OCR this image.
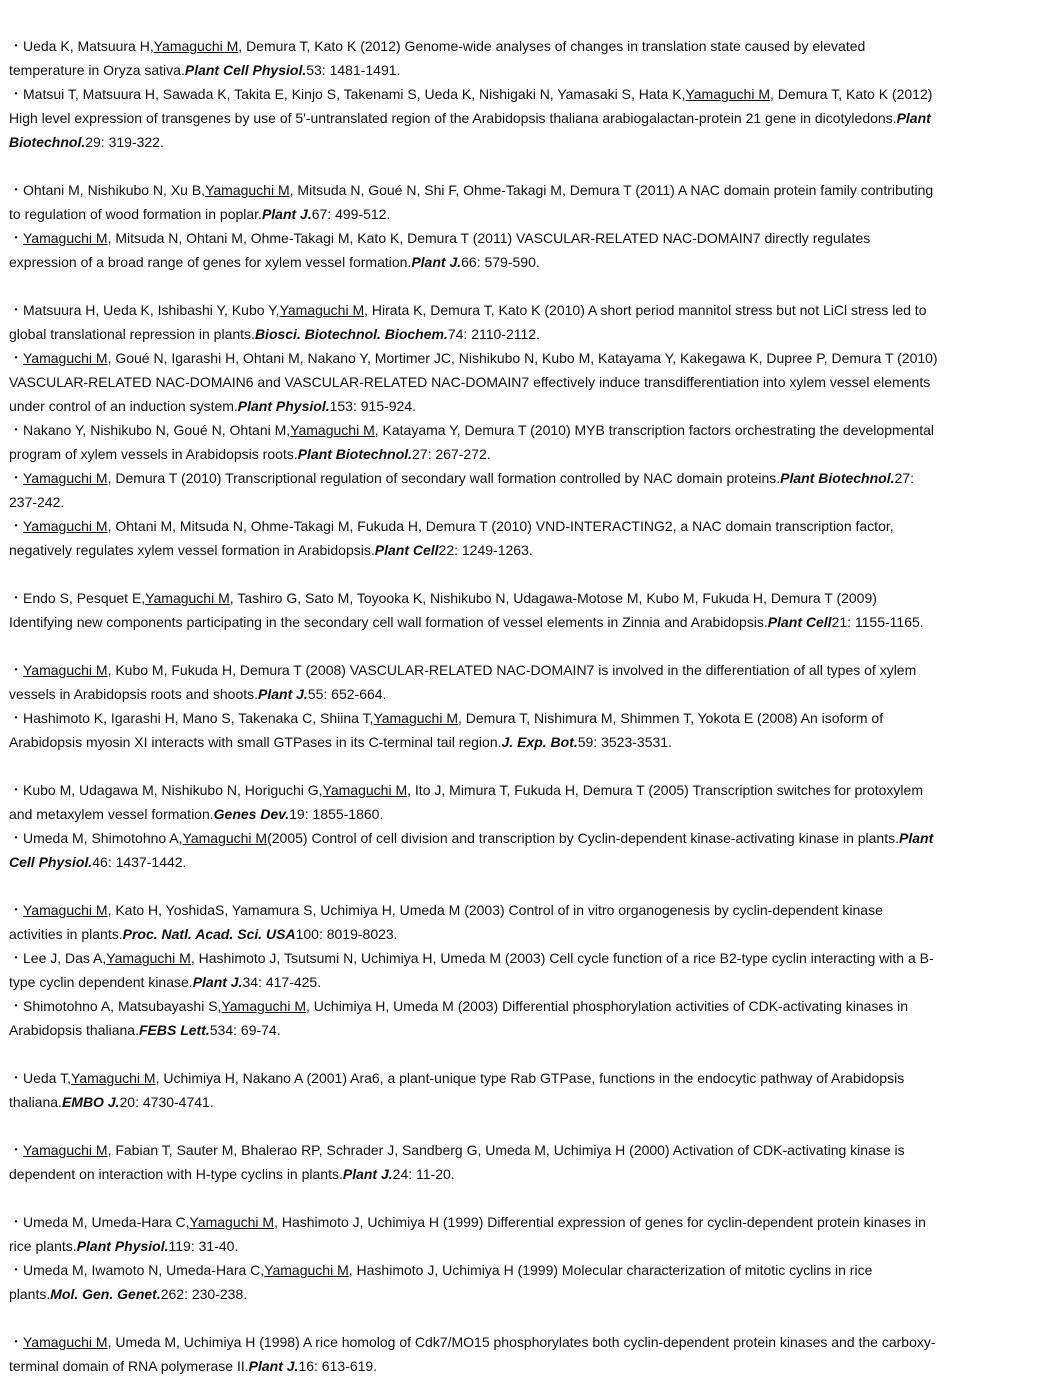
・Ueda K, Matsuura H,Yamaguchi M, Demura T, Kato K (2012) Genome-wide analyses of changes in translation state caused by elevated temperature in Oryza sativa.Plant Cell Physiol.53: 1481-1491.

・Matsui T, Matsuura H, Sawada K, Takita E, Kinjo S, Takenami S, Ueda K, Nishigaki N, Yamasaki S, Hata K,Yamaguchi M, Demura T, Kato K (2012) High level expression of transgenes by use of 5'-untranslated region of the Arabidopsis thaliana arabiogalactan-protein 21 gene in dicotyledons.Plant Biotechnol.29: 319-322.

・Ohtani M, Nishikubo N, Xu B,Yamaguchi M, Mitsuda N, Goué N, Shi F, Ohme-Takagi M, Demura T (2011) A NAC domain protein family contributing to regulation of wood formation in poplar.Plant J.67: 499-512.

・Yamaguchi M, Mitsuda N, Ohtani M, Ohme-Takagi M, Kato K, Demura T (2011) VASCULAR-RELATED NAC-DOMAIN7 directly regulates expression of a broad range of genes for xylem vessel formation.Plant J.66: 579-590.

・Matsuura H, Ueda K, Ishibashi Y, Kubo Y,Yamaguchi M, Hirata K, Demura T, Kato K (2010) A short period mannitol stress but not LiCl stress led to global translational repression in plants.Biosci. Biotechnol. Biochem.74: 2110-2112.

・Yamaguchi M, Goué N, Igarashi H, Ohtani M, Nakano Y, Mortimer JC, Nishikubo N, Kubo M, Katayama Y, Kakegawa K, Dupree P, Demura T (2010) VASCULAR-RELATED NAC-DOMAIN6 and VASCULAR-RELATED NAC-DOMAIN7 effectively induce transdifferentiation into xylem vessel elements under control of an induction system.Plant Physiol.153: 915-924.

・Nakano Y, Nishikubo N, Goué N, Ohtani M,Yamaguchi M, Katayama Y, Demura T (2010) MYB transcription factors orchestrating the developmental program of xylem vessels in Arabidopsis roots.Plant Biotechnol.27: 267-272.

・Yamaguchi M, Demura T (2010) Transcriptional regulation of secondary wall formation controlled by NAC domain proteins.Plant Biotechnol.27: 237-242.

・Yamaguchi M, Ohtani M, Mitsuda N, Ohme-Takagi M, Fukuda H, Demura T (2010) VND-INTERACTING2, a NAC domain transcription factor, negatively regulates xylem vessel formation in Arabidopsis.Plant Cell22: 1249-1263.

・Endo S, Pesquet E,Yamaguchi M, Tashiro G, Sato M, Toyooka K, Nishikubo N, Udagawa-Motose M, Kubo M, Fukuda H, Demura T (2009) Identifying new components participating in the secondary cell wall formation of vessel elements in Zinnia and Arabidopsis.Plant Cell21: 1155-1165.

・Yamaguchi M, Kubo M, Fukuda H, Demura T (2008) VASCULAR-RELATED NAC-DOMAIN7 is involved in the differentiation of all types of xylem vessels in Arabidopsis roots and shoots.Plant J.55: 652-664.

・Hashimoto K, Igarashi H, Mano S, Takenaka C, Shiina T,Yamaguchi M, Demura T, Nishimura M, Shimmen T, Yokota E (2008) An isoform of Arabidopsis myosin XI interacts with small GTPases in its C-terminal tail region.J. Exp. Bot.59: 3523-3531.

・Kubo M, Udagawa M, Nishikubo N, Horiguchi G,Yamaguchi M, Ito J, Mimura T, Fukuda H, Demura T (2005) Transcription switches for protoxylem and metaxylem vessel formation.Genes Dev.19: 1855-1860.

・Umeda M, Shimotohno A,Yamaguchi M(2005) Control of cell division and transcription by Cyclin-dependent kinase-activating kinase in plants.Plant Cell Physiol.46: 1437-1442.

・Yamaguchi M, Kato H, YoshidaS, Yamamura S, Uchimiya H, Umeda M (2003) Control of in vitro organogenesis by cyclin-dependent kinase activities in plants.Proc. Natl. Acad. Sci. USA100: 8019-8023.

・Lee J, Das A,Yamaguchi M, Hashimoto J, Tsutsumi N, Uchimiya H, Umeda M (2003) Cell cycle function of a rice B2-type cyclin interacting with a B-type cyclin dependent kinase.Plant J.34: 417-425.

・Shimotohno A, Matsubayashi S,Yamaguchi M, Uchimiya H, Umeda M (2003) Differential phosphorylation activities of CDK-activating kinases in Arabidopsis thaliana.FEBS Lett.534: 69-74.

・Ueda T,Yamaguchi M, Uchimiya H, Nakano A (2001) Ara6, a plant-unique type Rab GTPase, functions in the endocytic pathway of Arabidopsis thaliana.EMBO J.20: 4730-4741.

・Yamaguchi M, Fabian T, Sauter M, Bhalerao RP, Schrader J, Sandberg G, Umeda M, Uchimiya H (2000) Activation of CDK-activating kinase is dependent on interaction with H-type cyclins in plants.Plant J.24: 11-20.

・Umeda M, Umeda-Hara C,Yamaguchi M, Hashimoto J, Uchimiya H (1999) Differential expression of genes for cyclin-dependent protein kinases in rice plants.Plant Physiol.119: 31-40.

・Umeda M, Iwamoto N, Umeda-Hara C,Yamaguchi M, Hashimoto J, Uchimiya H (1999) Molecular characterization of mitotic cyclins in rice plants.Mol. Gen. Genet.262: 230-238.

・Yamaguchi M, Umeda M, Uchimiya H (1998) A rice homolog of Cdk7/MO15 phosphorylates both cyclin-dependent protein kinases and the carboxy-terminal domain of RNA polymerase II.Plant J.16: 613-619.
